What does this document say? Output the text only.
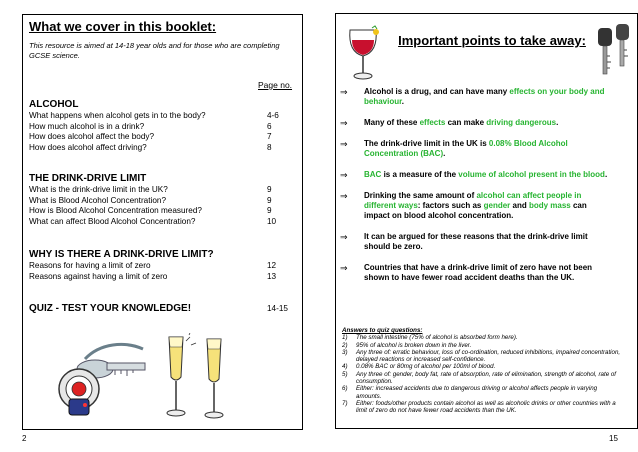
What we cover in this booklet:
This resource is aimed at 14-18 year olds and for those who are completing GCSE science.
Page no.
ALCOHOL
What happens when alcohol gets in to the body?	4-6
How much alcohol is in a drink?	6
How does alcohol affect the body?	7
How does alcohol affect driving?	8
THE DRINK-DRIVE LIMIT
What is the drink-drive limit in the UK?	9
What is Blood Alcohol Concentration?	9
How is Blood Alcohol Concentration measured?	9
What can affect Blood Alcohol Concentration?	10
WHY IS THERE A DRINK-DRIVE LIMIT?
Reasons for having a limit of zero	12
Reasons against having a limit of zero	13
QUIZ - TEST YOUR KNOWLEDGE!	14-15
2
Important points to take away:
⇒	Alcohol is a drug, and can have many effects on your body and behaviour.
⇒	Many of these effects can make driving dangerous.
⇒	The drink-drive limit in the UK is 0.08% Blood Alcohol Concentration (BAC).
⇒	BAC is a measure of the volume of alcohol present in the blood.
⇒	Drinking the same amount of alcohol can affect people in different ways: factors such as gender and body mass can impact on blood alcohol concentration.
⇒	It can be argued for these reasons that the drink-drive limit should be zero.
⇒	Countries that have a drink-drive limit of zero have not been shown to have fewer road accident deaths than the UK.
Answers to quiz questions:
1)	The small intestine (75% of alcohol is absorbed form here).
2)	95% of alcohol is broken down in the liver.
3)	Any three of: erratic behaviour, loss of co-ordination, reduced inhibitions, impaired concentration, delayed reactions or increased self-confidence.
4)	0.08% BAC or 80mg of alcohol per 100ml of blood.
5)	Any three of: gender, body fat, rate of absorption, rate of elimination, strength of alcohol, rate of consumption.
6)	Either: increased accidents due to dangerous driving or alcohol affects people in varying amounts.
7)	Either: foods/other products contain alcohol as well as alcoholic drinks or other countries with a limit of zero do not have fewer road accidents than the UK.
15
